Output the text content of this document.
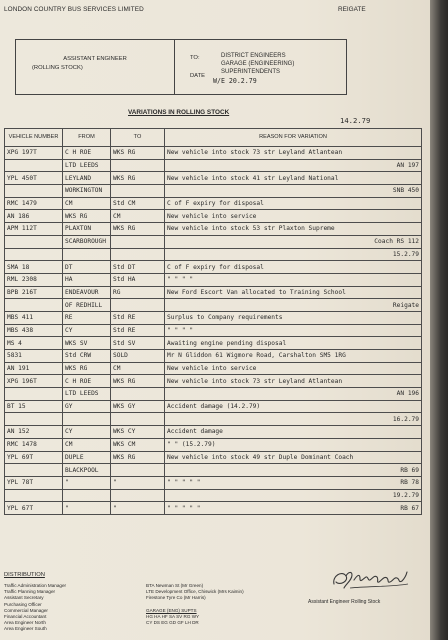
LONDON COUNTRY BUS SERVICES LIMITED	REIGATE
ASSISTANT ENGINEER
(ROLLING STOCK)
TO:	DISTRICT ENGINEERS
GARAGE (ENGINEERING)
SUPERINTENDENTS
DATE
W/E 20.2.79
VARIATIONS IN ROLLING STOCK
14.2.79
VEHICLE NUMBER	FROM	TO	REASON FOR VARIATION
XPG 197T	C H ROE	WKS RG	New vehicle into stock 73 str Leyland Atlantean
	LTD LEEDS		AN 197

YPL 450T	LEYLAND	WKS RG	New vehicle into stock 41 str Leyland National
	WORKINGTON		SNB 450

RMC 1479	CM	Std CM	C of F expiry for disposal
AN 186	WKS RG	CM	New vehicle into service
APM 112T	PLAXTON	WKS RG	New vehicle into stock 53 str Plaxton Supreme
	SCARBOROUGH		Coach RS 112

			15.2.79

SMA 18	DT	Std DT	C of F expiry for disposal
RML 2308	HA	Std HA	" " " "
BPB 216T	ENDEAVOUR	RG	New Ford Escort Van allocated to Training School
	OF REDHILL		Reigate

MBS 411	RE	Std RE	Surplus to Company requirements
MBS 438	CY	Std RE	" " " "
MS 4	WKS SV	Std SV	Awaiting engine pending disposal
5831	Std CRW	SOLD	Mr N Gliddon 61 Wigmore Road, Carshalton SM5 1RG
AN 191	WKS RG	CM	New vehicle into service
XPG 196T	C H ROE	WKS RG	New vehicle into stock 73 str Leyland Atlantean
	LTD LEEDS		AN 196

BT 15	GY	WKS GY	Accident damage (14.2.79)

			16.2.79

AN 152	CY	WKS CY	Accident damage
RMC 1478	CM	WKS CM	" " (15.2.79)
YPL 69T	DUPLE	WKS RG	New vehicle into stock 49 str Duple Dominant Coach
	BLACKPOOL		RB 69

YPL 78T	"	"	" " " " " RB 78

			19.2.79

YPL 67T	"	"	" " " " " RB 67
DISTRIBUTION
Traffic Administration Manager
Traffic Planning Manager
Assistant Secretary
Purchasing Officer
Commercial Manager
Financial Accountant
Area Engineer North
Area Engineer South
BTA Newman St (Mr Green)
LTE Development Office, Chiswick (Mrs Kaimin)
Firestone Tyre Co (Mr Harris)

GARAGE (ENG) SUPTS
HG HA HF SA SV RG WY
CY DS EG GD GF LH DR
Assistant Engineer Rolling Stock
